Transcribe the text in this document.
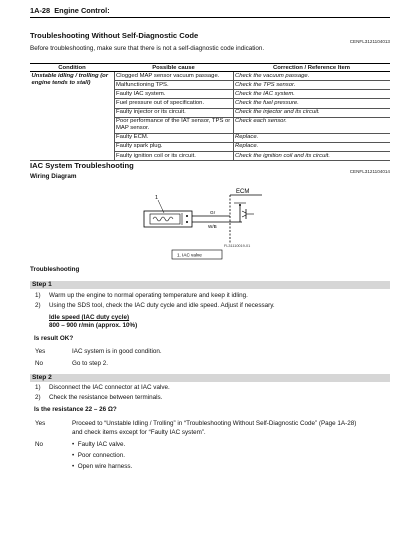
1A-28 Engine Control:
Troubleshooting Without Self-Diagnostic Code
CENFL3121104013
Before troubleshooting, make sure that there is not a self-diagnostic code indication.
Condition	Possible cause	Correction / Reference Item
Unstable idling / trolling (or engine tends to stall)	Clogged MAP sensor vacuum passage.	Check the vacuum passage.
	Malfunctioning TPS.	Check the TPS sensor.
	Faulty IAC system.	Check the IAC system.
	Fuel pressure out of specification.	Check the fuel pressure.
	Faulty injector or its circuit.	Check the injector and its circuit.
	Poor performance of the IAT sensor, TPS or MAP sensor.	Check each sensor.
	Faulty ECM.	Replace.
	Faulty spark plug.	Replace.
	Faulty ignition coil or its circuit.	Check the ignition coil and its circuit.
IAC System Troubleshooting
CENFL3121104014
Wiring Diagram
ECM
1
Gr
W/B
FL31110019-01
1. IAC valve
Troubleshooting
Step 1
1) Warm up the engine to normal operating temperature and keep it idling.
2) Using the SDS tool, check the IAC duty cycle and idle speed. Adjust if necessary.
Idle speed (IAC duty cycle)
800 – 900 r/min (approx. 10%)
Is result OK?
Yes	IAC system is in good condition.
No	Go to step 2.
Step 2
1) Disconnect the IAC connector at IAC valve.
2) Check the resistance between terminals.
Is the resistance 22 – 26 Ω?
Yes	Proceed to “Unstable Idling / Trolling” in “Troubleshooting Without Self-Diagnostic Code” (Page 1A-28)
and check items except for “Faulty IAC system”.
No	•  Faulty IAC valve.
•  Poor connection.
•  Open wire harness.
